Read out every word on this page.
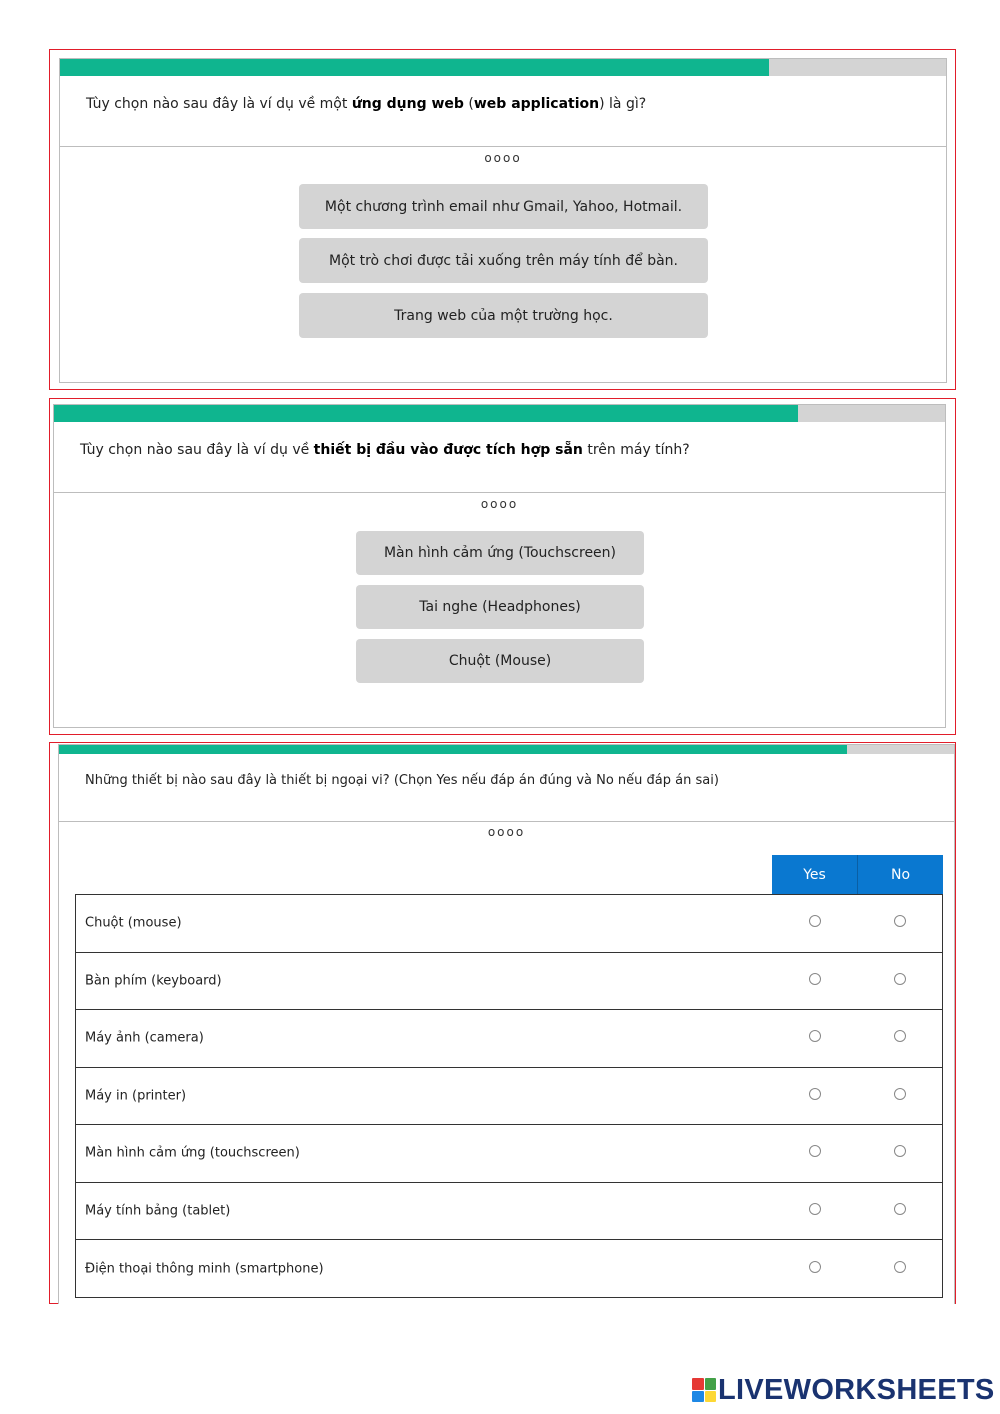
Tùy chọn nào sau đây là ví dụ về một ứng dụng web (web application) là gì?
oooo
Một chương trình email như Gmail, Yahoo, Hotmail.
Một trò chơi được tải xuống trên máy tính để bàn.
Trang web của một trường học.
Tùy chọn nào sau đây là ví dụ về thiết bị đầu vào được tích hợp sẵn trên máy tính?
oooo
Màn hình cảm ứng (Touchscreen)
Tai nghe (Headphones)
Chuột (Mouse)
Những thiết bị nào sau đây là thiết bị ngoại vi? (Chọn Yes nếu đáp án đúng và No nếu đáp án sai)
oooo
Yes	No
Chuột (mouse)
Bàn phím (keyboard)
Máy ảnh (camera)
Máy in (printer)
Màn hình cảm ứng (touchscreen)
Máy tính bảng (tablet)
Điện thoại thông minh (smartphone)
LIVEWORKSHEETS
